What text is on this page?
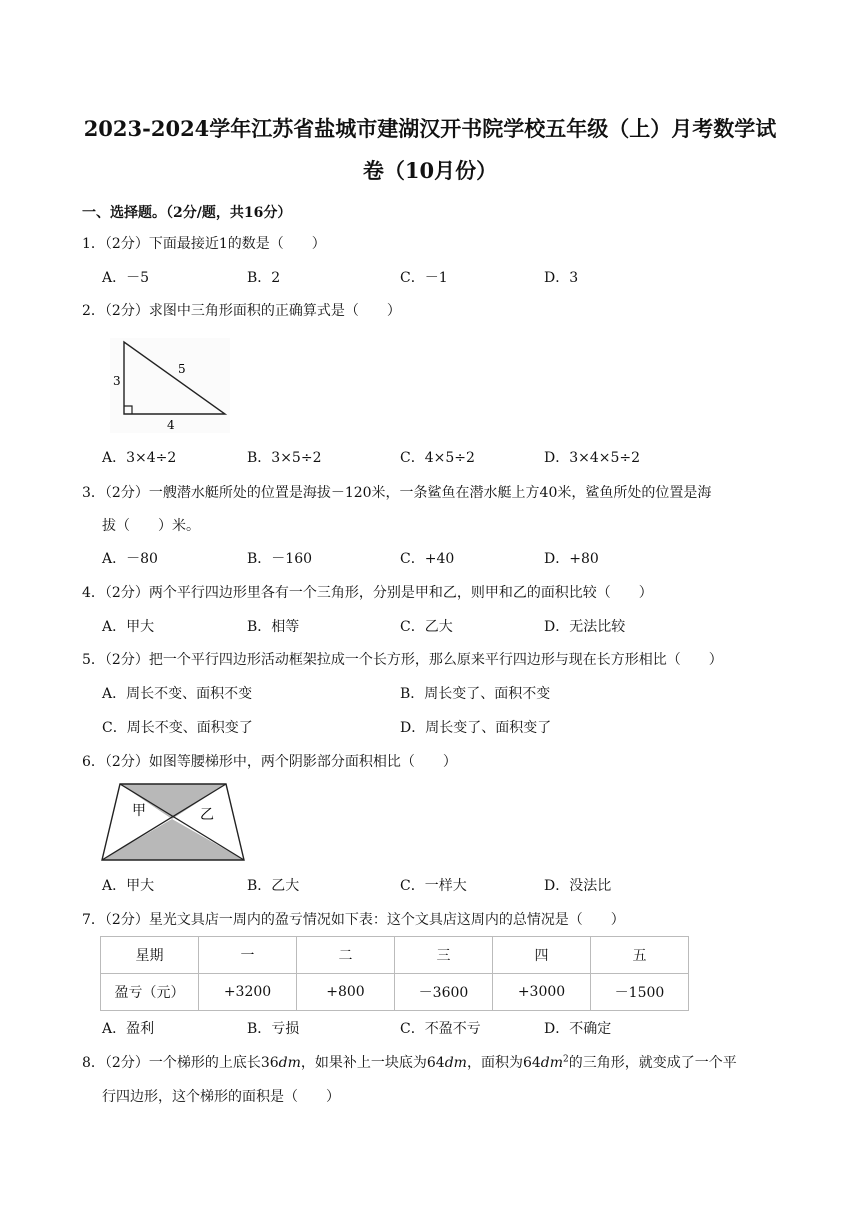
2023-2024学年江苏省盐城市建湖汉开书院学校五年级（上）月考数学试
卷（10月份）
一、选择题。（2分/题，共16分）
1．（2分）下面最接近1的数是（　　）
A．－5	B．2	C．－1	D．3
2．（2分）求图中三角形面积的正确算式是（　　）
3
5
4
A．3×4÷2	B．3×5÷2	C．4×5÷2	D．3×4×5÷2
3．（2分）一艘潜水艇所处的位置是海拔－120米，一条鲨鱼在潜水艇上方40米，鲨鱼所处的位置是海
拔（　　）米。
A．－80	B．－160	C．+40	D．+80
4．（2分）两个平行四边形里各有一个三角形，分别是甲和乙，则甲和乙的面积比较（　　）
A．甲大	B．相等	C．乙大	D．无法比较
5．（2分）把一个平行四边形活动框架拉成一个长方形，那么原来平行四边形与现在长方形相比（　　）
A．周长不变、面积不变	B．周长变了、面积不变
C．周长不变、面积变了	D．周长变了、面积变了
6．（2分）如图等腰梯形中，两个阴影部分面积相比（　　）
甲	乙
A．甲大	B．乙大	C．一样大	D．没法比
7．（2分）星光文具店一周内的盈亏情况如下表：这个文具店这周内的总情况是（　　）
星期	一	二	三	四	五
盈亏（元）	+3200	+800	－3600	+3000	－1500
A．盈利	B．亏损	C．不盈不亏	D．不确定
8．（2分）一个梯形的上底长36dm，如果补上一块底为64dm，面积为$64dm^2$的三角形，就变成了一个平
行四边形，这个梯形的面积是（　　）
